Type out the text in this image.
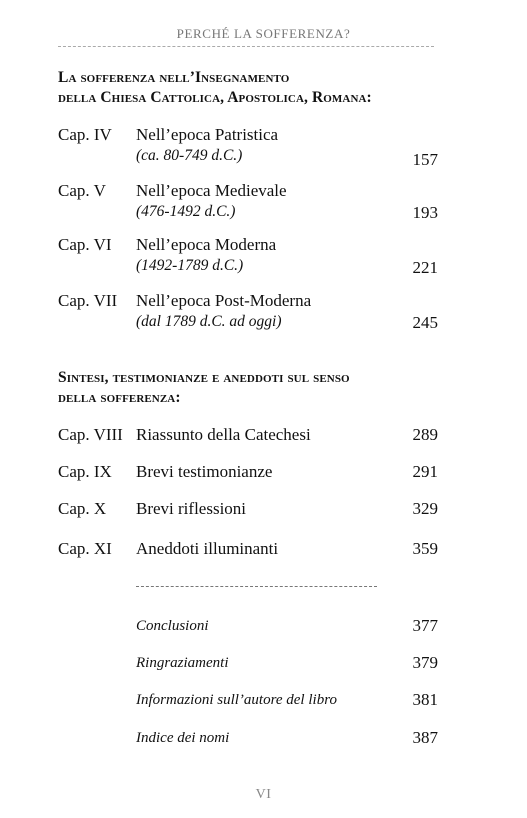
PERCHÉ LA SOFFERENZA?
La sofferenza nell’Insegnamento
della Chiesa Cattolica, Apostolica, Romana:
Cap. IV Nell’epoca Patristica
(ca. 80-749 d.C.)	157
Cap. V Nell’epoca Medievale
(476-1492 d.C.)	193
Cap. VI Nell’epoca Moderna
(1492-1789 d.C.)	221
Cap. VII Nell’epoca Post-Moderna
(dal 1789 d.C. ad oggi)	245
Sintesi, testimonianze e aneddoti sul senso
della sofferenza:
Cap. VIII Riassunto della Catechesi	289
Cap. IX Brevi testimonianze	291
Cap. X Brevi riflessioni	329
Cap. XI Aneddoti illuminanti	359
Conclusioni	377
Ringraziamenti	379
Informazioni sull’autore del libro	381
Indice dei nomi	387
VI
